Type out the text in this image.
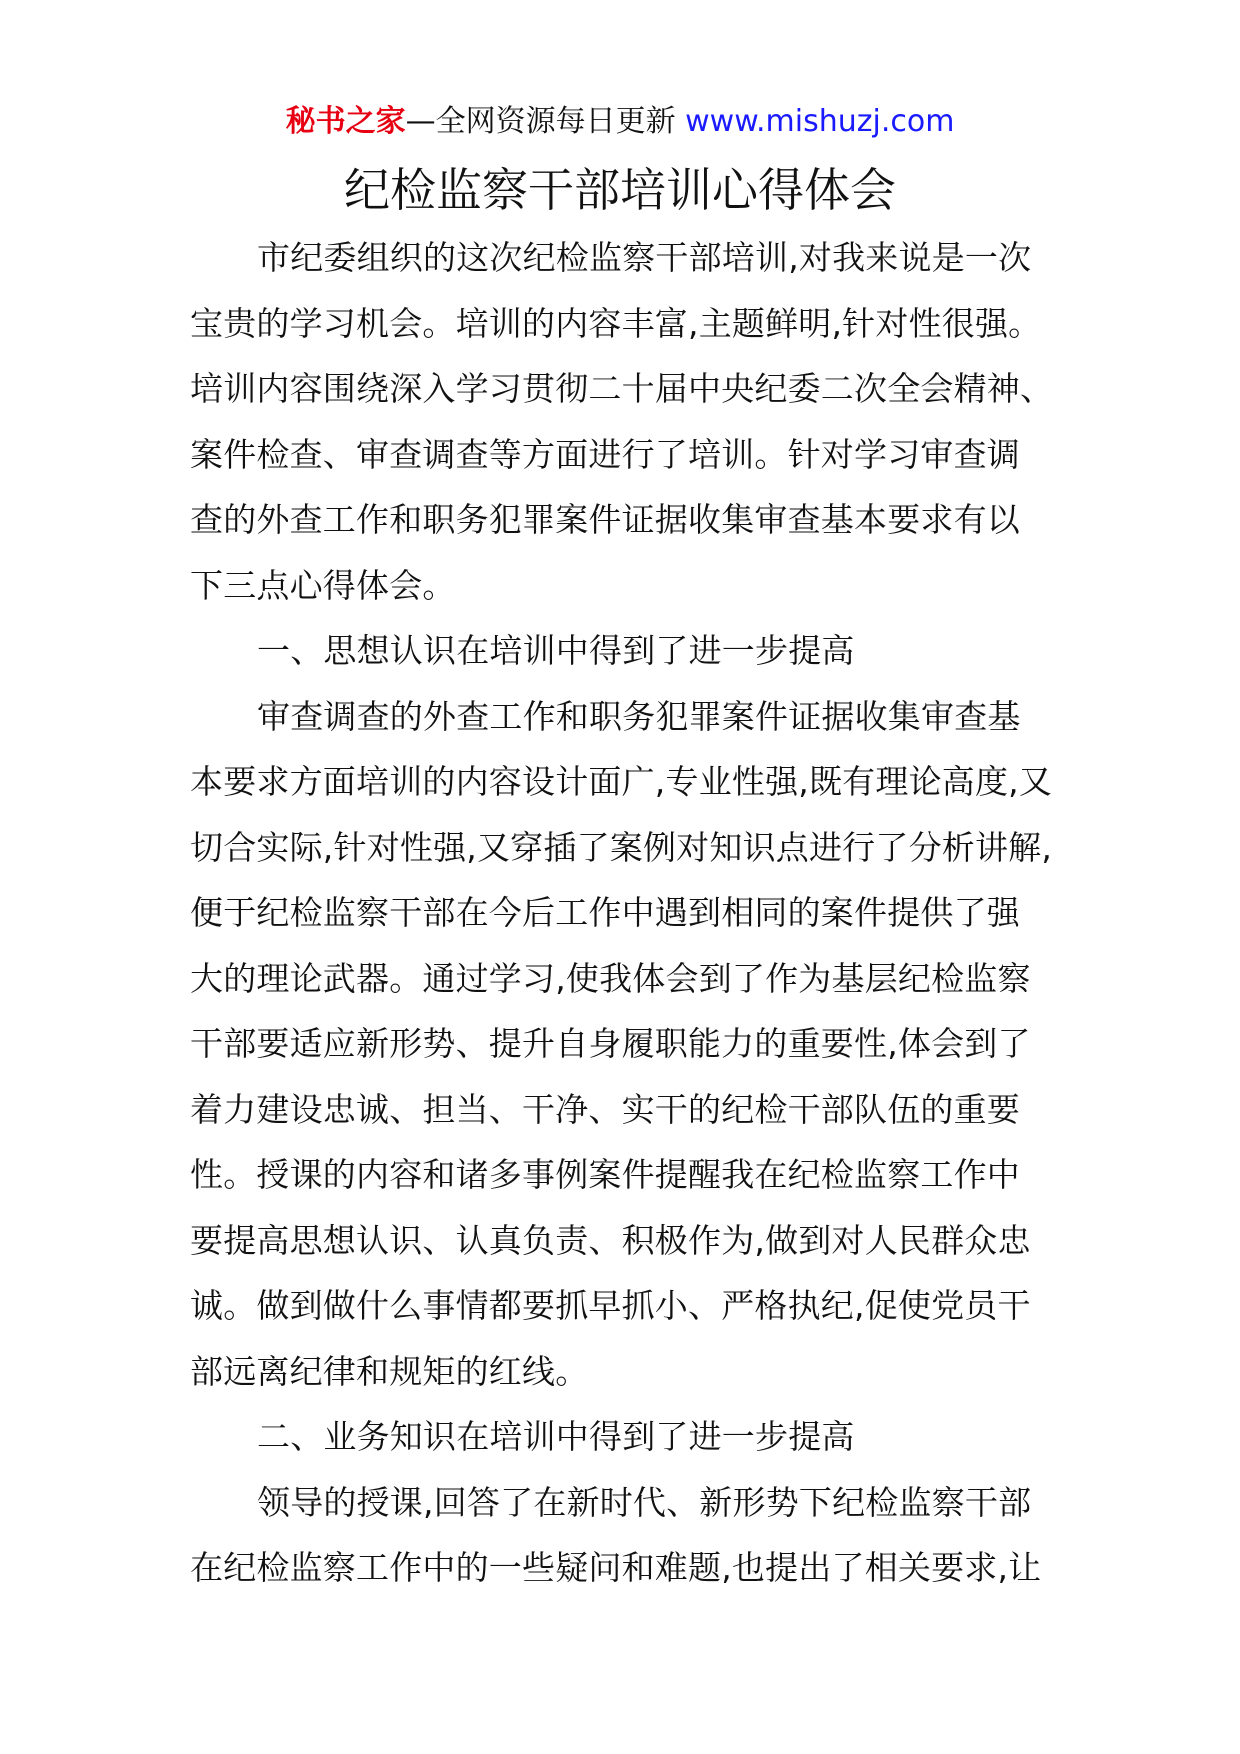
秘书之家—全网资源每日更新 www.mishuzj.com
纪检监察干部培训心得体会
市纪委组织的这次纪检监察干部培训,对我来说是一次
宝贵的学习机会。培训的内容丰富,主题鲜明,针对性很强。
培训内容围绕深入学习贯彻二十届中央纪委二次全会精神、
案件检查、审查调查等方面进行了培训。针对学习审查调
查的外查工作和职务犯罪案件证据收集审查基本要求有以
下三点心得体会。
一、思想认识在培训中得到了进一步提高
审查调查的外查工作和职务犯罪案件证据收集审查基
本要求方面培训的内容设计面广,专业性强,既有理论高度,又
切合实际,针对性强,又穿插了案例对知识点进行了分析讲解,
便于纪检监察干部在今后工作中遇到相同的案件提供了强
大的理论武器。通过学习,使我体会到了作为基层纪检监察
干部要适应新形势、提升自身履职能力的重要性,体会到了
着力建设忠诚、担当、干净、实干的纪检干部队伍的重要
性。授课的内容和诸多事例案件提醒我在纪检监察工作中
要提高思想认识、认真负责、积极作为,做到对人民群众忠
诚。做到做什么事情都要抓早抓小、严格执纪,促使党员干
部远离纪律和规矩的红线。
二、业务知识在培训中得到了进一步提高
领导的授课,回答了在新时代、新形势下纪检监察干部
在纪检监察工作中的一些疑问和难题,也提出了相关要求,让
